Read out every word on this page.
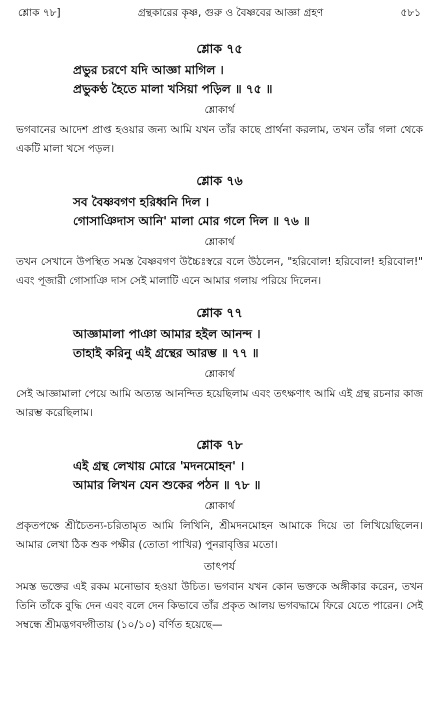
শ্লোক ৭৮]	গ্রন্থকারের কৃষ্ণ, গুরু ও বৈষ্ণবের আজ্ঞা গ্রহণ	৫৮১
শ্লোক ৭৫
প্রভুর চরণে যদি আজ্ঞা মাগিল ।
প্রভুকণ্ঠ হৈতে মালা খসিয়া পড়িল ॥ ৭৫ ॥
শ্লোকার্থ
ভগবানের আদেশ প্রাপ্ত হওয়ার জন্য আমি যখন তাঁর কাছে প্রার্থনা করলাম, তখন তাঁর গলা থেকে একটি মালা খসে পড়ল।
শ্লোক ৭৬
সব বৈষ্ণবগণ হরিধ্বনি দিল ।
গোসাঞিদাস আনি' মালা মোর গলে দিল ॥ ৭৬ ॥
শ্লোকার্থ
তখন সেখানে উপস্থিত সমস্ত বৈষ্ণবগণ উচ্চৈঃস্বরে বলে উঠলেন, "হরিবোল! হরিবোল! হরিবোল!" এবং পূজারী গোসাঞি দাস সেই মালাটি এনে আমার গলায় পরিয়ে দিলেন।
শ্লোক ৭৭
আজ্ঞামালা পাঞা আমার হইল আনন্দ ।
তাহাই করিনু এই গ্রন্থের আরম্ভ ॥ ৭৭ ॥
শ্লোকার্থ
সেই আজ্ঞামালা পেয়ে আমি অত্যন্ত আনন্দিত হয়েছিলাম এবং তৎক্ষণাৎ আমি এই গ্রন্থ রচনার কাজ আরম্ভ করেছিলাম।
শ্লোক ৭৮
এই গ্রন্থ লেখায় মোরে 'মদনমোহন' ।
আমার লিখন যেন শুকের পঠন ॥ ৭৮ ॥
শ্লোকার্থ
প্রকৃতপক্ষে শ্রীচৈতন্য-চরিতামৃত আমি লিখিনি, শ্রীমদনমোহন আমাকে দিয়ে তা লিখিয়েছিলেন। আমার লেখা ঠিক শুক পক্ষীর (তোতা পাখির) পুনরাবৃত্তির মতো।
তাৎপর্য
সমস্ত ভক্তের এই রকম মনোভাব হওয়া উচিত। ভগবান যখন কোন ভক্তকে অঙ্গীকার করেন, তখন তিনি তাঁকে বুদ্ধি দেন এবং বলে দেন কিভাবে তাঁর প্রকৃত আলয় ভগবদ্ধামে ফিরে যেতে পারেন। সেই সম্বন্ধে শ্রীমদ্ভগবদ্গীতায় (১০/১০) বর্ণিত হয়েছে—
